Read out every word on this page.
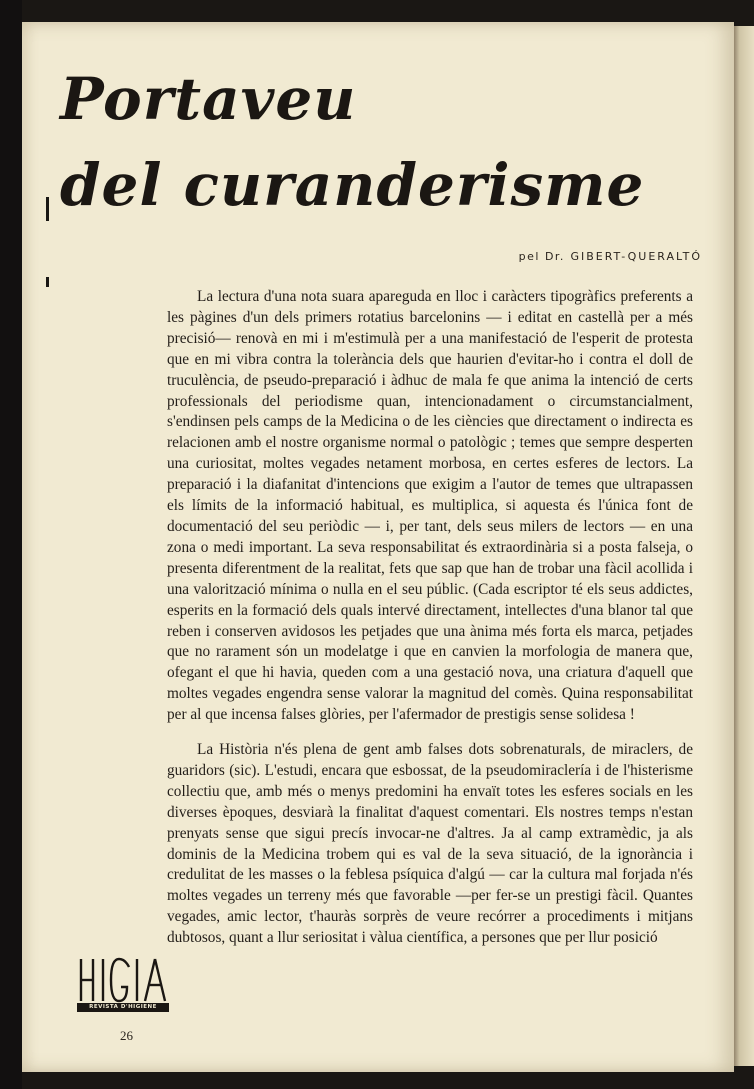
Portaveu
del curanderisme
pel Dr. GIBERT-QUERALTÓ

La lectura d'una nota suara apareguda en lloc i caràcters tipogràfics preferents a les pàgines d'un dels primers rotatius barcelonins — i editat en castellà per a més precisió— renovà en mi i m'estimulà per a una manifestació de l'esperit de protesta que en mi vibra contra la tolerància dels que haurien d'evitar-ho i contra el doll de truculència, de pseudo-preparació i àdhuc de mala fe que anima la intenció de certs professionals del periodisme quan, intencionadament o circumstancialment, s'endinsen pels camps de la Medicina o de les ciències que directament o indirecta es relacionen amb el nostre organisme normal o patològic ; temes que sempre desperten una curiositat, moltes vegades netament morbosa, en certes esferes de lectors. La preparació i la diafanitat d'intencions que exigim a l'autor de temes que ultrapassen els límits de la informació habitual, es multiplica, si aquesta és l'única font de documentació del seu periòdic — i, per tant, dels seus milers de lectors — en una zona o medi important. La seva responsabilitat és extraordinària si a posta falseja, o presenta diferentment de la realitat, fets que sap que han de trobar una fàcil acollida i una valorització mínima o nulla en el seu públic. (Cada escriptor té els seus addictes, esperits en la formació dels quals intervé directament, intellectes d'una blanor tal que reben i conserven avidosos les petjades que una ànima més forta els marca, petjades que no rarament són un modelatge i que en canvien la morfologia de manera que, ofegant el que hi havia, queden com a una gestació nova, una criatura d'aquell que moltes vegades engendra sense valorar la magnitud del comès. Quina responsabilitat per al que incensa falses glòries, per l'afermador de prestigis sense solidesa !

La Història n'és plena de gent amb falses dots sobrenaturals, de miraclers, de guaridors (sic). L'estudi, encara que esbossat, de la pseudomiraclería i de l'histerisme collectiu que, amb més o menys predomini ha envaït totes les esferes socials en les diverses èpoques, desviarà la finalitat d'aquest comentari. Els nostres temps n'estan prenyats sense que sigui precís invocar-ne d'altres. Ja al camp extramèdic, ja als dominis de la Medicina trobem qui es val de la seva situació, de la ignorància i credulitat de les masses o la feblesa psíquica d'algú — car la cultura mal forjada n'és moltes vegades un terreny més que favorable —per fer-se un prestigi fàcil. Quantes vegades, amic lector, t'hauràs sorprès de veure recórrer a procediments i mitjans dubtosos, quant a llur seriositat i vàlua científica, a persones que per llur posició

REVISTA D'HIGIENE
26
